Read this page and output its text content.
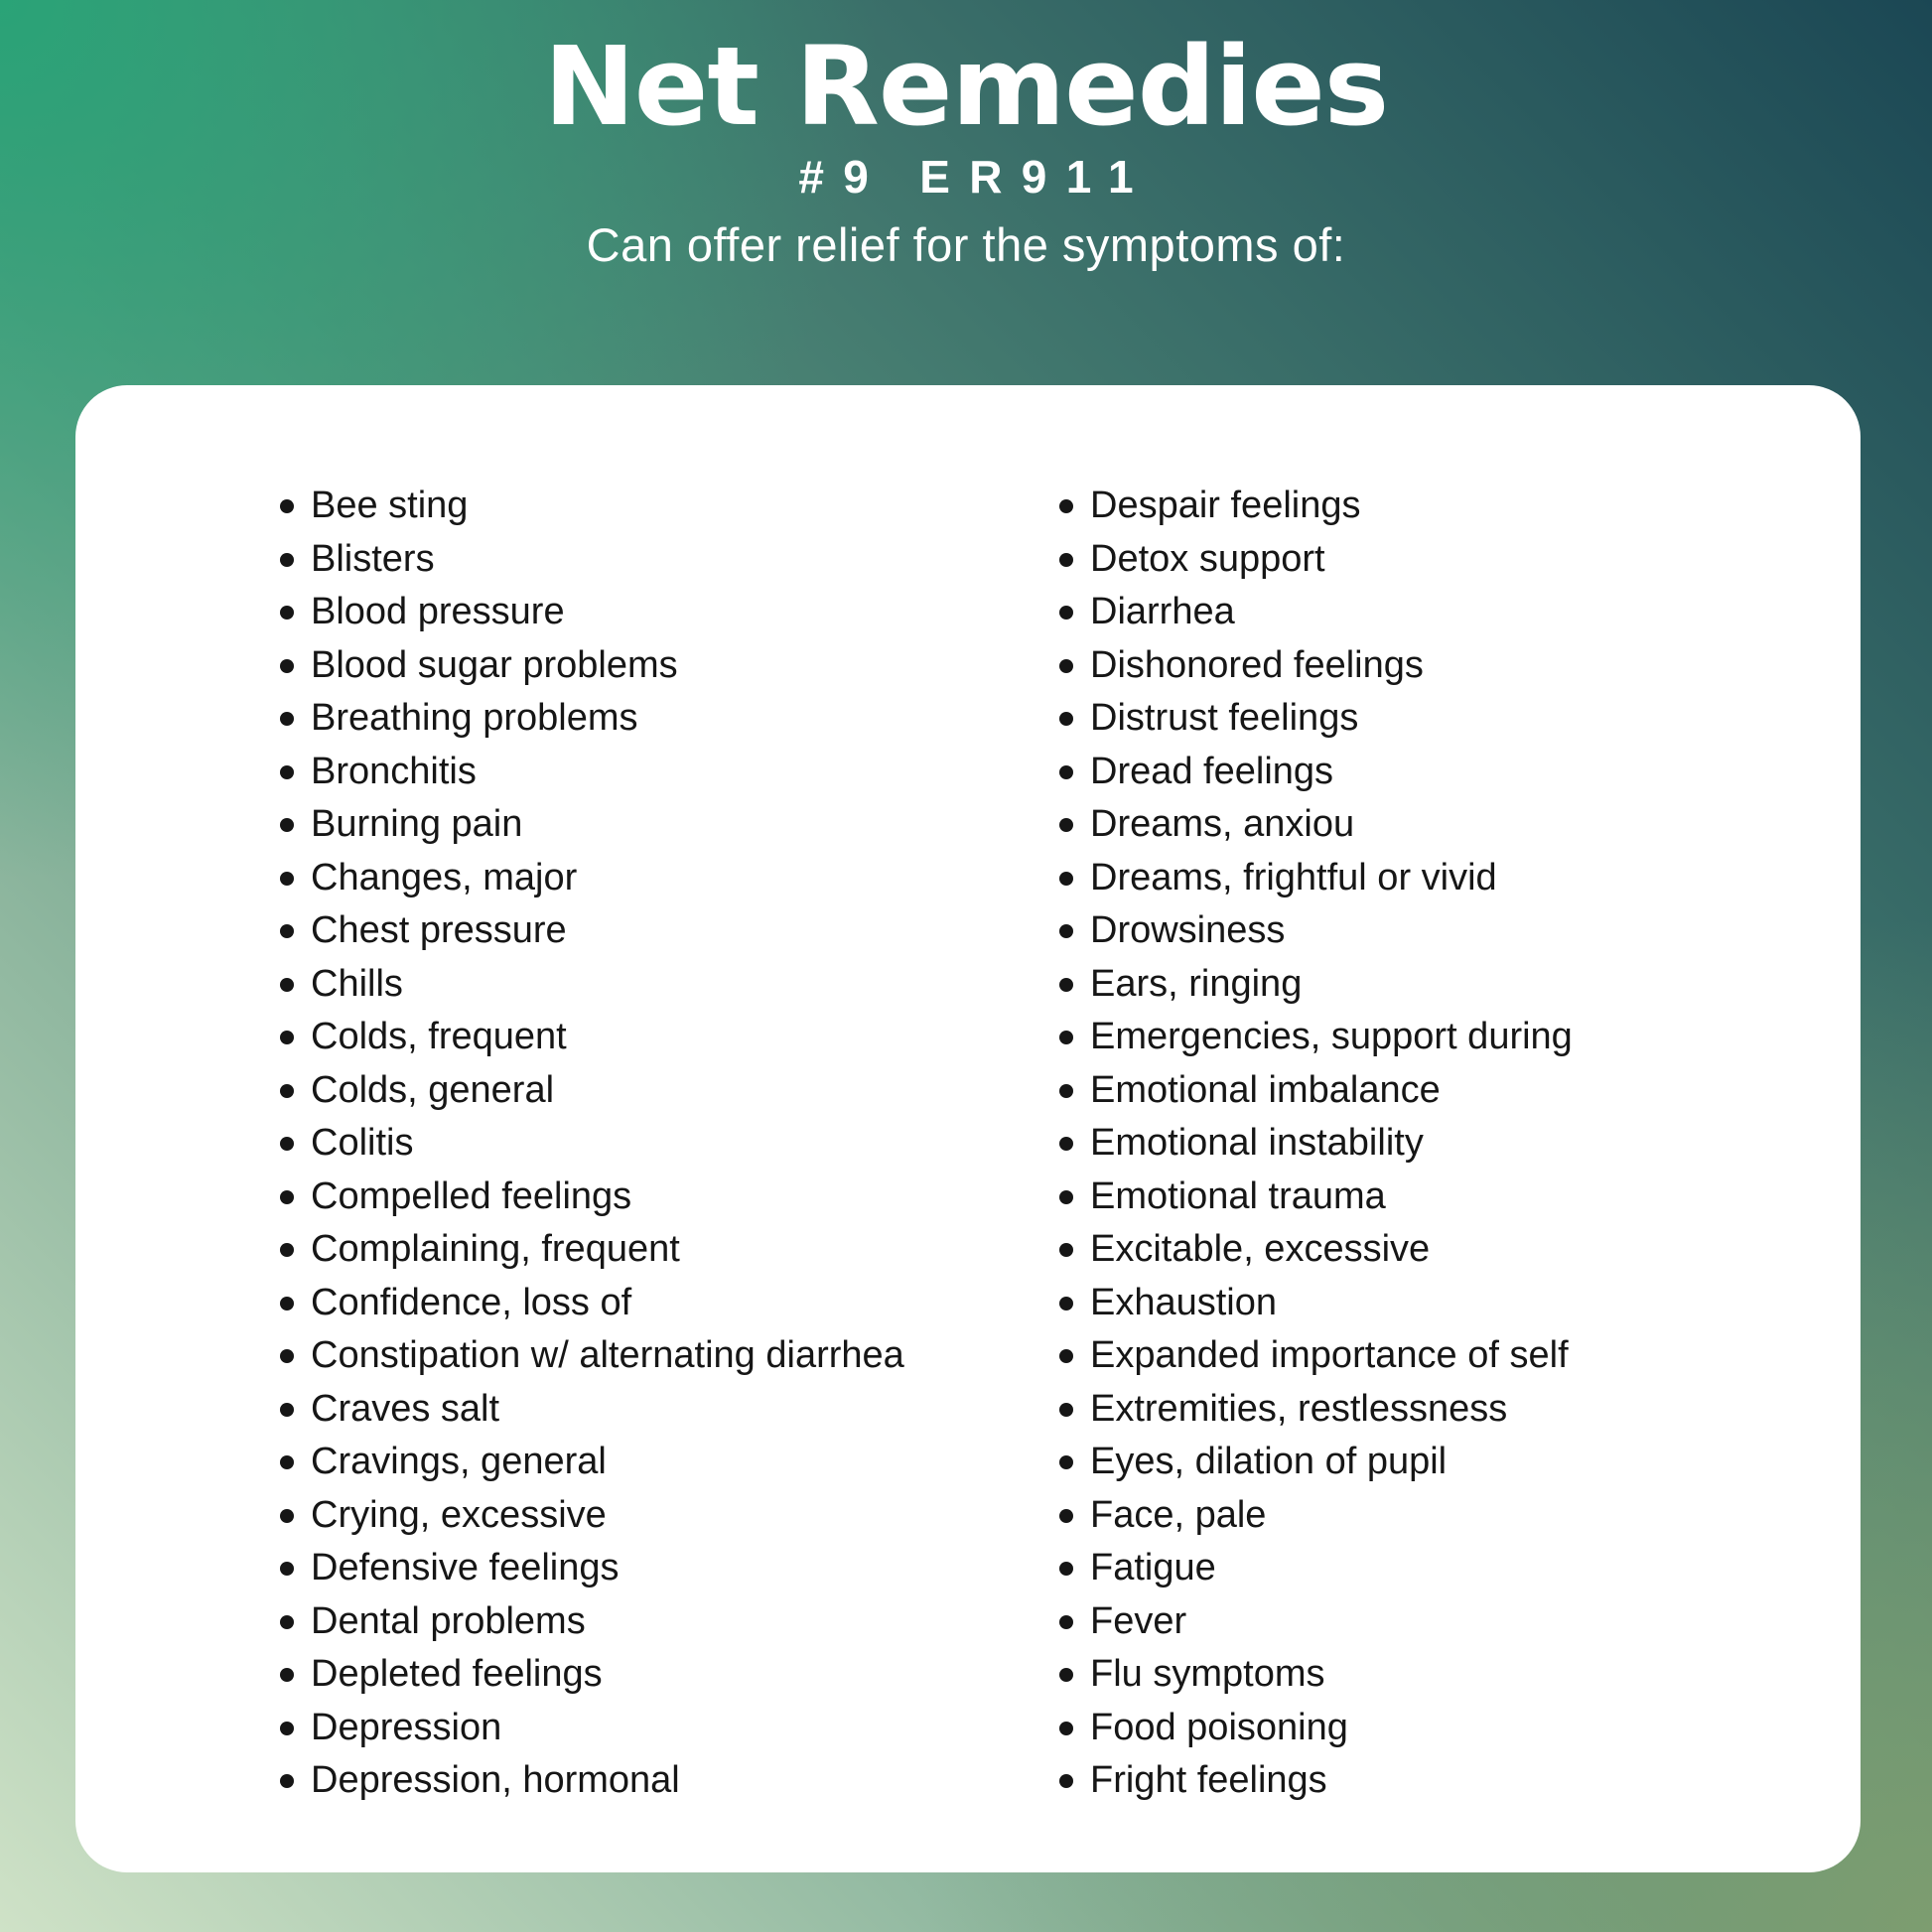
Net Remedies
#9 ER911
Can offer relief for the symptoms of:
Bee sting
Blisters
Blood pressure
Blood sugar problems
Breathing problems
Bronchitis
Burning pain
Changes, major
Chest pressure
Chills
Colds, frequent
Colds, general
Colitis
Compelled feelings
Complaining, frequent
Confidence, loss of
Constipation w/ alternating diarrhea
Craves salt
Cravings, general
Crying, excessive
Defensive feelings
Dental problems
Depleted feelings
Depression
Depression, hormonal
Despair feelings
Detox support
Diarrhea
Dishonored feelings
Distrust feelings
Dread feelings
Dreams, anxiou
Dreams, frightful or vivid
Drowsiness
Ears, ringing
Emergencies, support during
Emotional imbalance
Emotional instability
Emotional trauma
Excitable, excessive
Exhaustion
Expanded importance of self
Extremities, restlessness
Eyes, dilation of pupil
Face, pale
Fatigue
Fever
Flu symptoms
Food poisoning
Fright feelings
